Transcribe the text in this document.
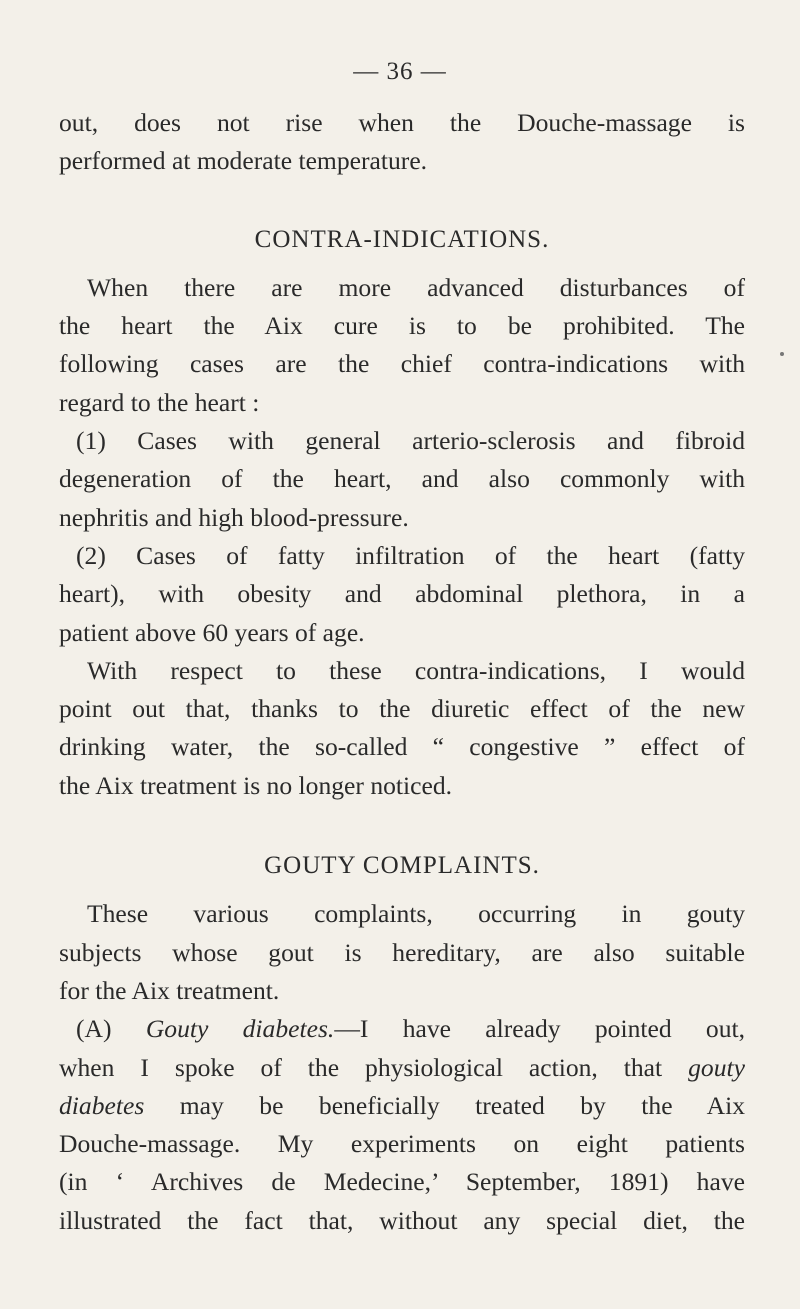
— 36 —
out, does not rise when the Douche-massage is
performed at moderate temperature.
CONTRA-INDICATIONS.
When there are more advanced disturbances of
the heart the Aix cure is to be prohibited. The
following cases are the chief contra-indications with
regard to the heart :
(1) Cases with general arterio-sclerosis and fibroid
degeneration of the heart, and also commonly with
nephritis and high blood-pressure.
(2) Cases of fatty infiltration of the heart (fatty
heart), with obesity and abdominal plethora, in a
patient above 60 years of age.
With respect to these contra-indications, I would
point out that, thanks to the diuretic effect of the new
drinking water, the so-called “ congestive ” effect of
the Aix treatment is no longer noticed.
GOUTY COMPLAINTS.
These various complaints, occurring in gouty
subjects whose gout is hereditary, are also suitable
for the Aix treatment.
(A) Gouty diabetes.—I have already pointed out,
when I spoke of the physiological action, that gouty
diabetes may be beneficially treated by the Aix
Douche-massage. My experiments on eight patients
(in ‘ Archives de Medecine,’ September, 1891) have
illustrated the fact that, without any special diet, the
